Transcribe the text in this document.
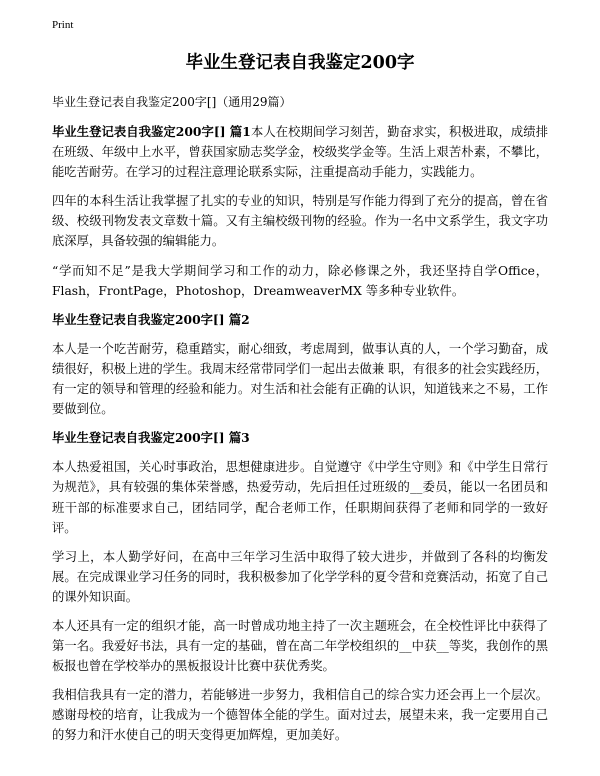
Print
毕业生登记表自我鉴定200字
毕业生登记表自我鉴定200字[]（通用29篇）

毕业生登记表自我鉴定200字[] 篇1本人在校期间学习刻苦，勤奋求实，积极进取，成绩排在班级、年级中上水平，曾获国家励志奖学金，校级奖学金等。生活上艰苦朴素，不攀比，能吃苦耐劳。在学习的过程注意理论联系实际，注重提高动手能力，实践能力。

四年的本科生活让我掌握了扎实的专业的知识，特别是写作能力得到了充分的提高，曾在省级、校级刊物发表文章数十篇。又有主编校级刊物的经验。作为一名中文系学生，我文字功底深厚，具备较强的编辑能力。

“学而知不足”是我大学期间学习和工作的动力，除必修课之外，我还坚持自学Office，Flash，FrontPage，Photoshop，DreamweaverMX 等多种专业软件。

毕业生登记表自我鉴定200字[] 篇2

本人是一个吃苦耐劳，稳重踏实，耐心细致，考虑周到，做事认真的人，一个学习勤奋，成绩很好，积极上进的学生。我周末经常带同学们一起出去做兼 职，有很多的社会实践经历，有一定的领导和管理的经验和能力。对生活和社会能有正确的认识，知道钱来之不易，工作要做到位。

毕业生登记表自我鉴定200字[] 篇3

本人热爱祖国，关心时事政治，思想健康进步。自觉遵守《中学生守则》和《中学生日常行为规范》，具有较强的集体荣誉感，热爱劳动，先后担任过班级的__委员，能以一名团员和班干部的标准要求自己，团结同学，配合老师工作，任职期间获得了老师和同学的一致好评。

学习上，本人勤学好问，在高中三年学习生活中取得了较大进步，并做到了各科的均衡发展。在完成课业学习任务的同时，我积极参加了化学学科的夏令营和竞赛活动，拓宽了自己的课外知识面。

本人还具有一定的组织才能，高一时曾成功地主持了一次主题班会，在全校性评比中获得了第一名。我爱好书法，具有一定的基础，曾在高二年学校组织的__中获__等奖，我创作的黑板报也曾在学校举办的黑板报设计比赛中获优秀奖。

我相信我具有一定的潜力，若能够进一步努力，我相信自己的综合实力还会再上一个层次。感谢母校的培育，让我成为一个德智体全能的学生。面对过去，展望未来，我一定要用自己的努力和汗水使自己的明天变得更加辉煌，更加美好。
